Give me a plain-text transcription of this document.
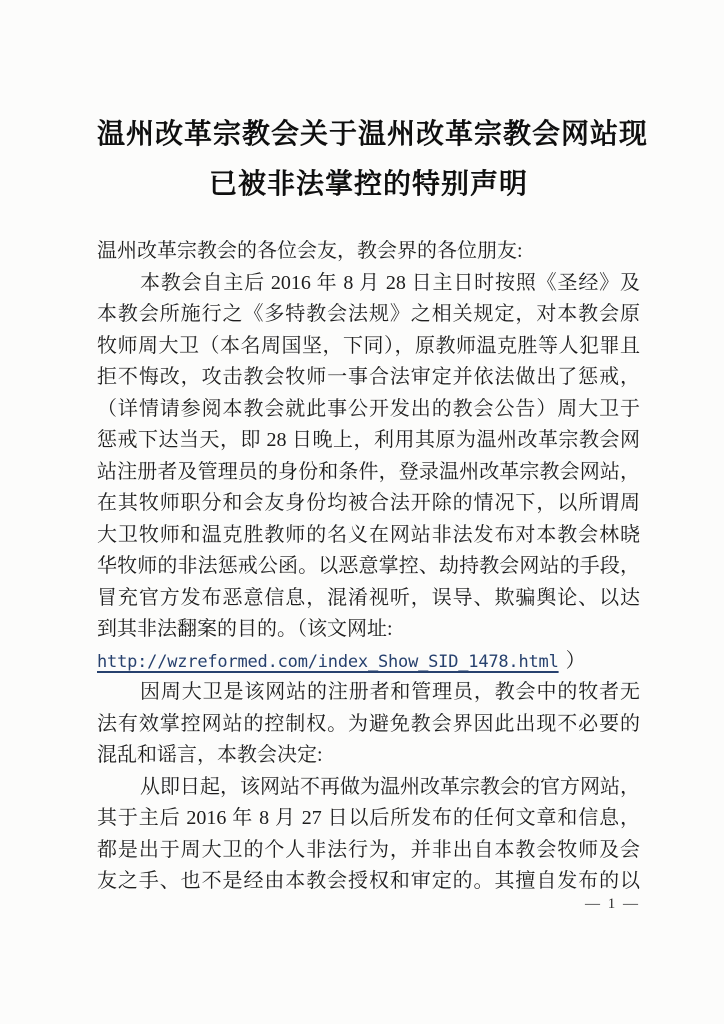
温州改革宗教会关于温州改革宗教会网站现
已被非法掌控的特别声明
温州改革宗教会的各位会友，教会界的各位朋友:
本教会自主后 2016 年 8 月 28 日主日时按照《圣经》及
本教会所施行之《多特教会法规》之相关规定，对本教会原
牧师周大卫（本名周国坚，下同），原教师温克胜等人犯罪且
拒不悔改，攻击教会牧师一事合法审定并依法做出了惩戒，
（详情请参阅本教会就此事公开发出的教会公告）周大卫于
惩戒下达当天，即 28 日晚上，利用其原为温州改革宗教会网
站注册者及管理员的身份和条件，登录温州改革宗教会网站，
在其牧师职分和会友身份均被合法开除的情况下，以所谓周
大卫牧师和温克胜教师的名义在网站非法发布对本教会林晓
华牧师的非法惩戒公函。以恶意掌控、劫持教会网站的手段，
冒充官方发布恶意信息，混淆视听，误导、欺骗舆论、以达
到其非法翻案的目的。（该文网址:
http://wzreformed.com/index_Show_SID_1478.html ）
因周大卫是该网站的注册者和管理员，教会中的牧者无
法有效掌控网站的控制权。为避免教会界因此出现不必要的
混乱和谣言，本教会决定:
从即日起，该网站不再做为温州改革宗教会的官方网站，
其于主后 2016 年 8 月 27 日以后所发布的任何文章和信息，
都是出于周大卫的个人非法行为，并非出自本教会牧师及会
友之手、也不是经由本教会授权和审定的。其擅自发布的以
— 1 —
